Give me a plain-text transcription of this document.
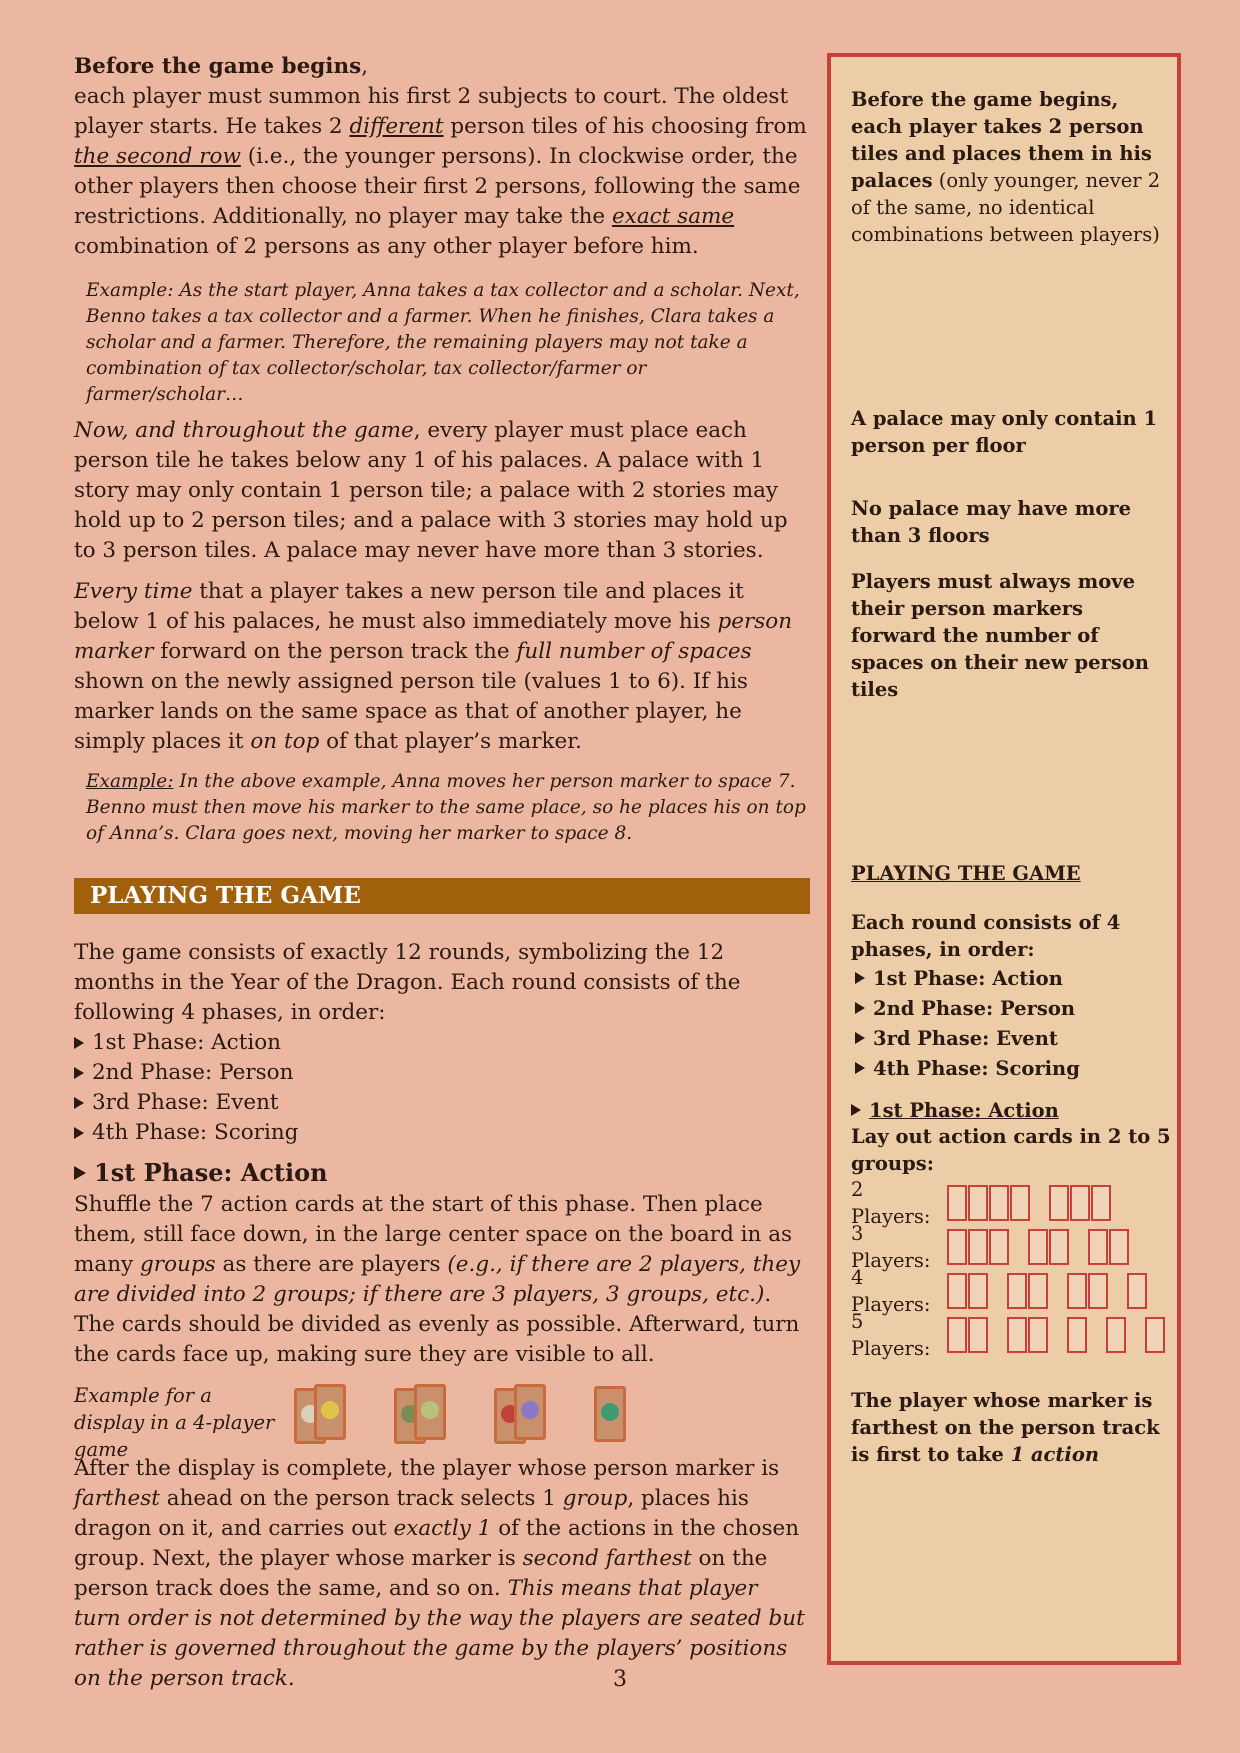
Before the game begins,
each player must summon his first 2 subjects to court. The oldest player starts. He takes 2 different person tiles of his choosing from the second row (i.e., the younger persons). In clockwise order, the other players then choose their first 2 persons, following the same restrictions. Additionally, no player may take the exact same combination of 2 persons as any other player before him.

Example: As the start player, Anna takes a tax collector and a scholar. Next, Benno takes a tax collector and a farmer. When he finishes, Clara takes a scholar and a farmer. Therefore, the remaining players may not take a combination of tax collector/scholar, tax collector/farmer or farmer/scholar…

Now, and throughout the game, every player must place each person tile he takes below any 1 of his palaces. A palace with 1 story may only contain 1 person tile; a palace with 2 stories may hold up to 2 person tiles; and a palace with 3 stories may hold up to 3 person tiles. A palace may never have more than 3 stories.

Every time that a player takes a new person tile and places it below 1 of his palaces, he must also immediately move his person marker forward on the person track the full number of spaces shown on the newly assigned person tile (values 1 to 6). If his marker lands on the same space as that of another player, he simply places it on top of that player’s marker.

Example: In the above example, Anna moves her person marker to space 7. Benno must then move his marker to the same place, so he places his on top of Anna’s. Clara goes next, moving her marker to space 8.

PLAYING THE GAME

The game consists of exactly 12 rounds, symbolizing the 12 months in the Year of the Dragon. Each round consists of the following 4 phases, in order:

1st Phase: Action
2nd Phase: Person
3rd Phase: Event
4th Phase: Scoring
1st Phase: Action

Shuffle the 7 action cards at the start of this phase. Then place them, still face down, in the large center space on the board in as many groups as there are players (e.g., if there are 2 players, they are divided into 2 groups; if there are 3 players, 3 groups, etc.). The cards should be divided as evenly as possible. Afterward, turn the cards face up, making sure they are visible to all.

Example for a display in a 4-player game

After the display is complete, the player whose person marker is farthest ahead on the person track selects 1 group, places his dragon on it, and carries out exactly 1 of the actions in the chosen group. Next, the player whose marker is second farthest on the person track does the same, and so on. This means that player turn order is not determined by the way the players are seated but rather is governed throughout the game by the players’ positions on the person track.

Before the game begins, each player takes 2 person tiles and places them in his palaces (only younger, never 2 of the same, no identical combinations between players)

A palace may only contain 1 person per floor
No palace may have more than 3 floors
Players must always move their person markers forward the number of spaces on their new person tiles

PLAYING THE GAME

Each round consists of 4 phases, in order:

1st Phase: Action
2nd Phase: Person
3rd Phase: Event
4th Phase: Scoring
1st Phase: Action

Lay out action cards in 2 to 5 groups:

2 Players:
3 Players:
4 Players:
5 Players:

The player whose marker is farthest on the person track is first to take 1 action

3
